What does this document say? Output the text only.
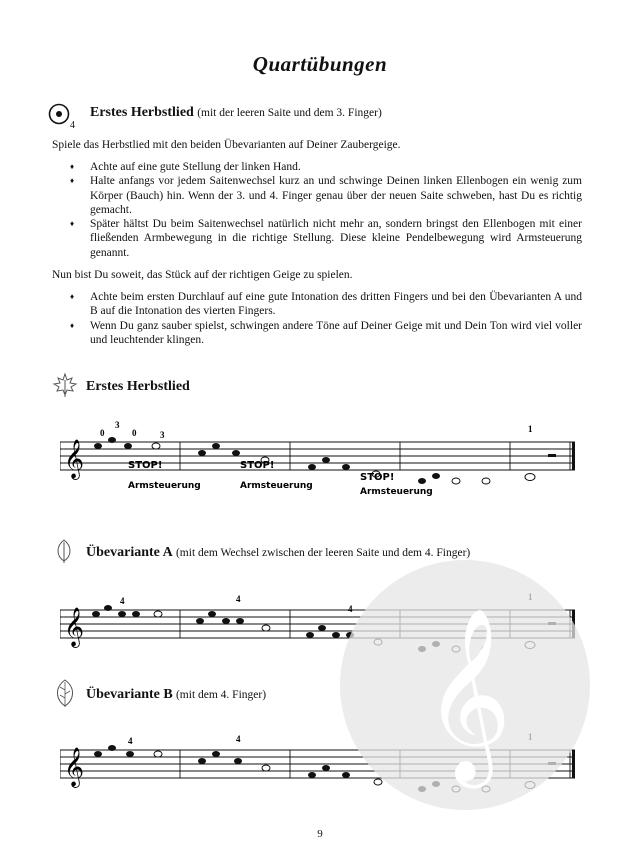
Quartübungen
4
Erstes Herbstlied (mit der leeren Saite und dem 3. Finger)
Spiele das Herbstlied mit den beiden Übevarianten auf Deiner Zaubergeige.
♦ Achte auf eine gute Stellung der linken Hand.
♦ Halte anfangs vor jedem Saitenwechsel kurz an und schwinge Deinen linken Ellenbogen ein wenig zum Körper (Bauch) hin. Wenn der 3. und 4. Finger genau über der neuen Saite schweben, hast Du es richtig gemacht.
♦ Später hältst Du beim Saitenwechsel natürlich nicht mehr an, sondern bringst den Ellenbogen mit einer fließenden Armbewegung in die richtige Stellung. Diese kleine Pendelbewegung wird Armsteuerung genannt.
Nun bist Du soweit, das Stück auf der richtigen Geige zu spielen.
♦ Achte beim ersten Durchlauf auf eine gute Intonation des dritten Fingers und bei den Übevarianten A und B auf die Intonation des vierten Fingers.
♦ Wenn Du ganz sauber spielst, schwingen andere Töne auf Deiner Geige mit und Dein Ton wird viel voller und leuchtender klingen.
Erstes Herbstlied
𝄞
0
3
0	3
STOP!
Armsteuerung
STOP!
Armsteuerung
STOP!
Armsteuerung
1
Übevariante A (mit dem Wechsel zwischen der leeren Saite und dem 4. Finger)
𝄞
4	4
4
Übevariante B (mit dem 4. Finger)
𝄞
4	4 𝄞
9
